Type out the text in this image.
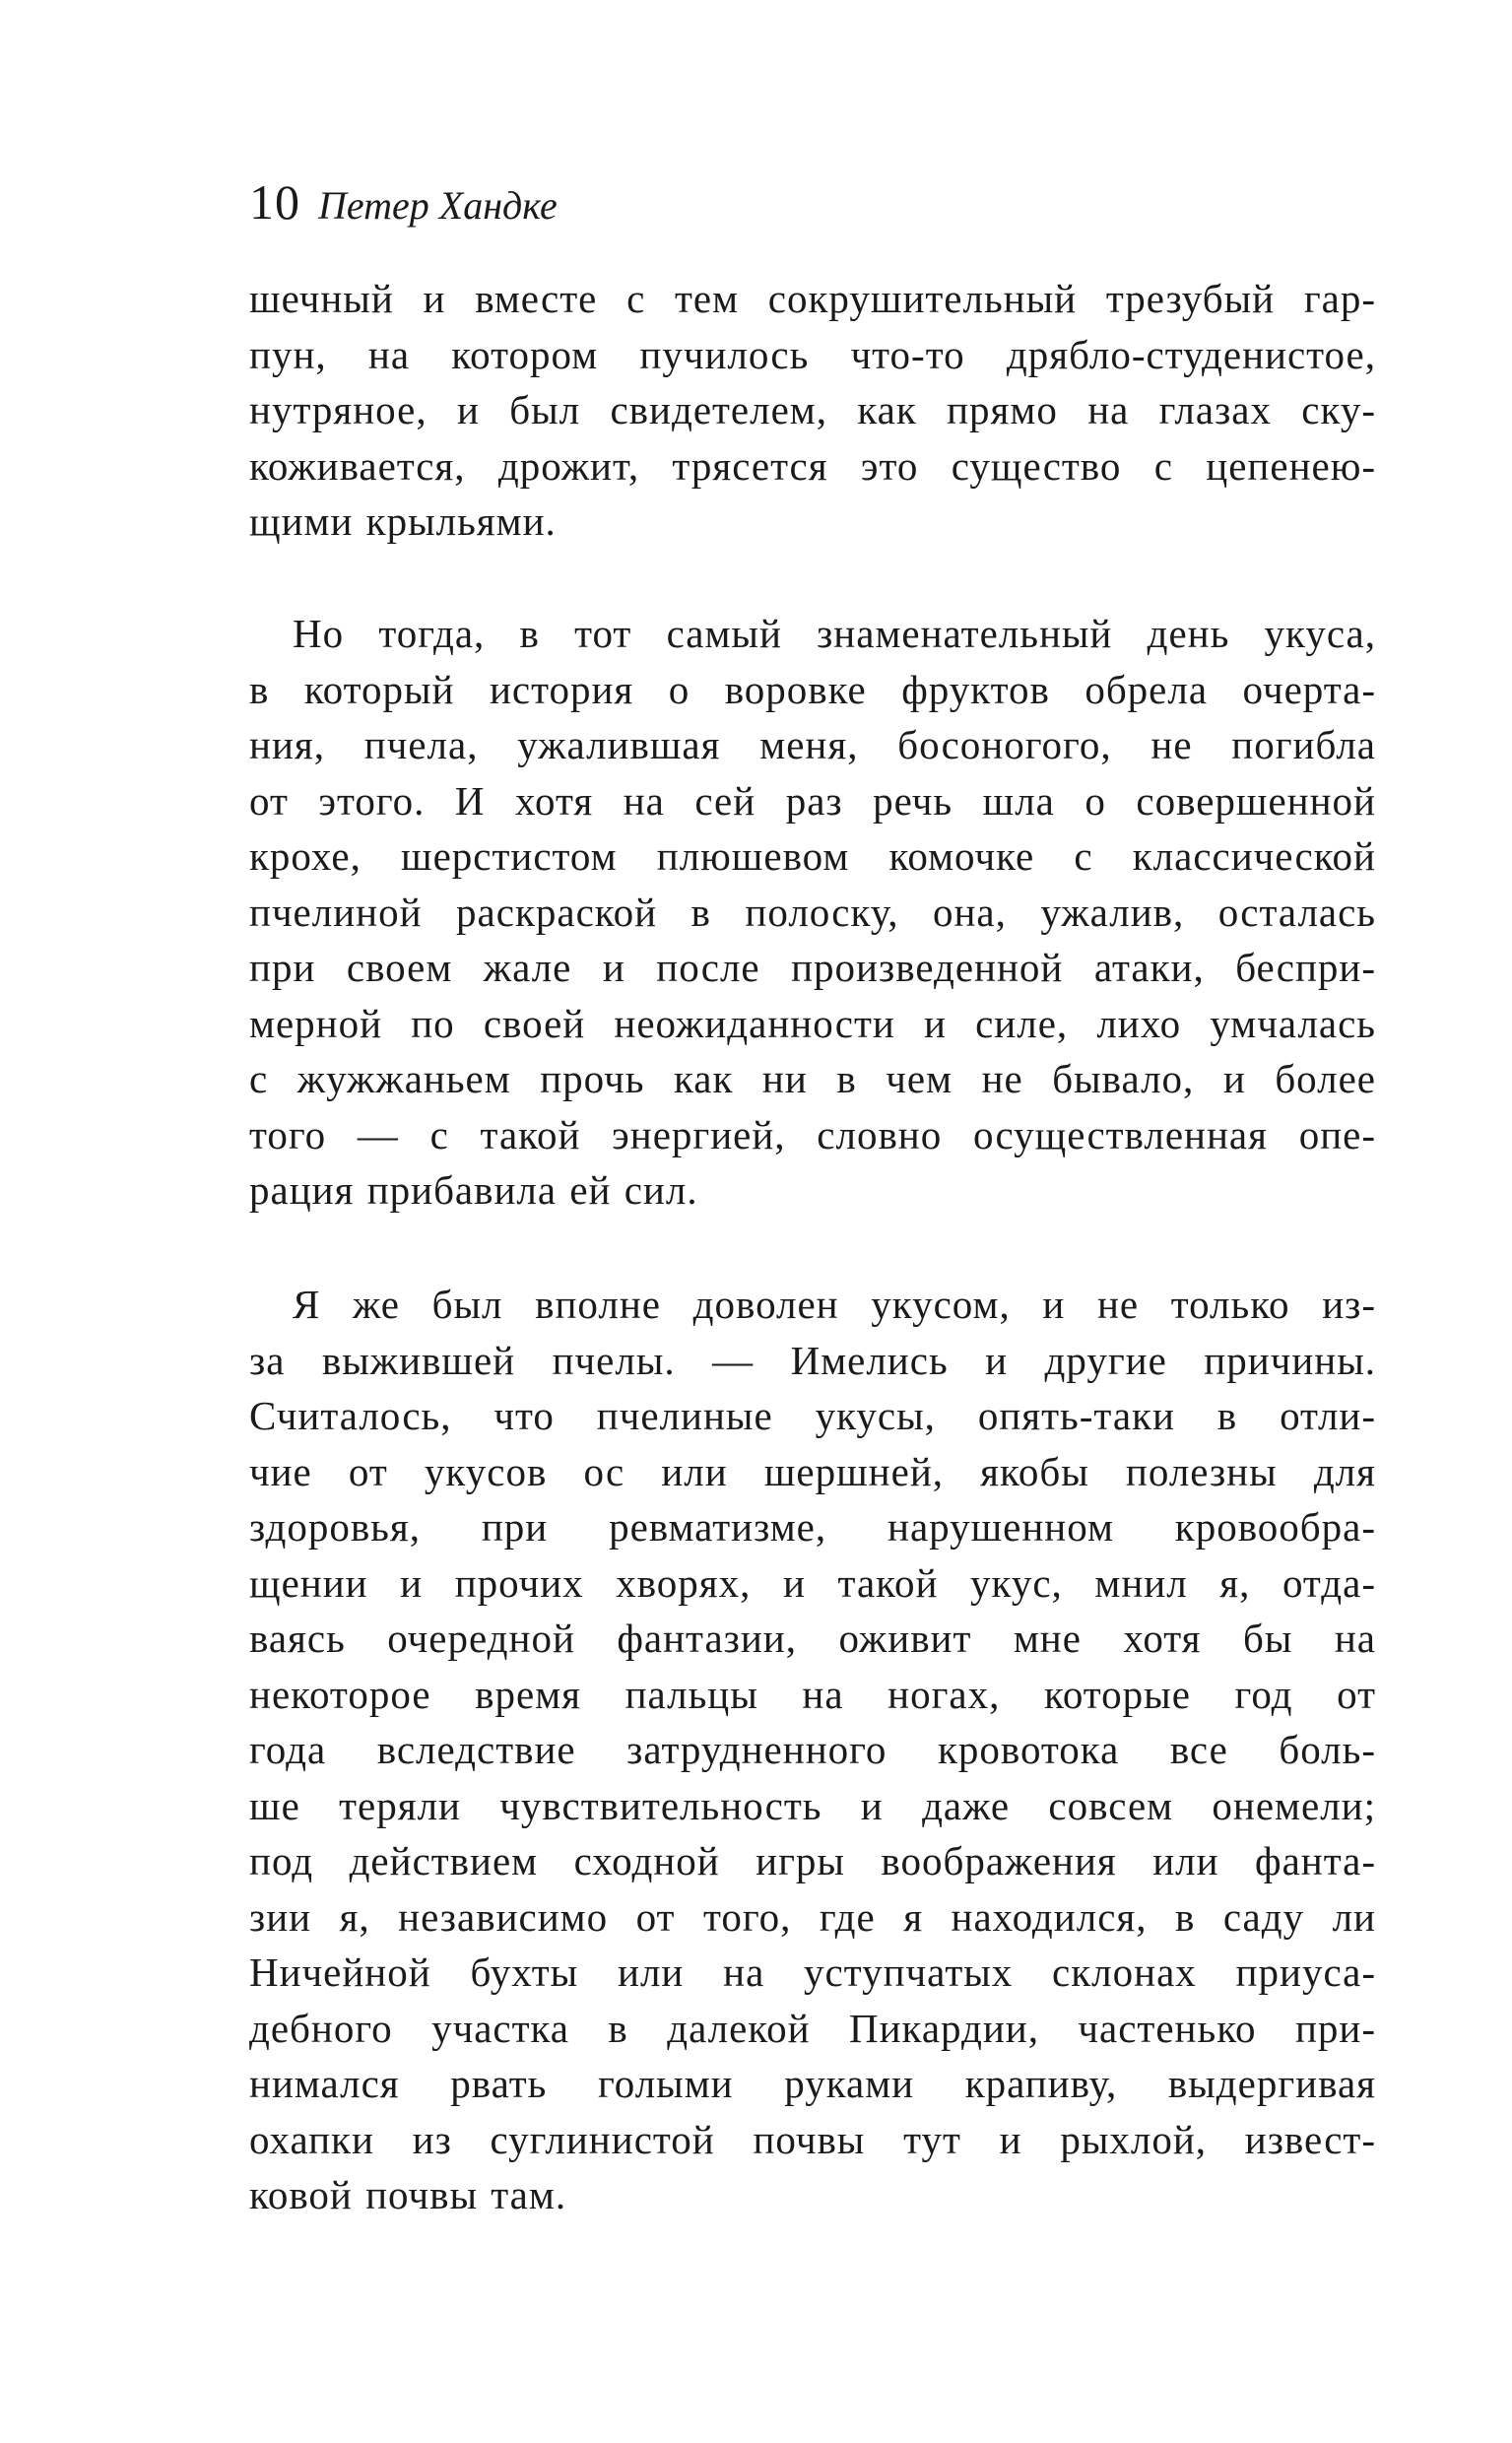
10 Петер Хандке
шечный и вместе с тем сокрушительный трезубый гар-
пун, на котором пучилось что-то дрябло-студенистое,
нутряное, и был свидетелем, как прямо на глазах ску-
коживается, дрожит, трясется это существо с цепенею-
щими крыльями.
Но тогда, в тот самый знаменательный день укуса,
в который история о воровке фруктов обрела очерта-
ния, пчела, ужалившая меня, босоногого, не погибла
от этого. И хотя на сей раз речь шла о совершенной
крохе, шерстистом плюшевом комочке с классической
пчелиной раскраской в полоску, она, ужалив, осталась
при своем жале и после произведенной атаки, беспри-
мерной по своей неожиданности и силе, лихо умчалась
с жужжаньем прочь как ни в чем не бывало, и более
того — с такой энергией, словно осуществленная опе-
рация прибавила ей сил.
Я же был вполне доволен укусом, и не только из-
за выжившей пчелы. — Имелись и другие причины.
Считалось, что пчелиные укусы, опять-таки в отли-
чие от укусов ос или шершней, якобы полезны для
здоровья, при ревматизме, нарушенном кровообра-
щении и прочих хворях, и такой укус, мнил я, отда-
ваясь очередной фантазии, оживит мне хотя бы на
некоторое время пальцы на ногах, которые год от
года вследствие затрудненного кровотока все боль-
ше теряли чувствительность и даже совсем онемели;
под действием сходной игры воображения или фанта-
зии я, независимо от того, где я находился, в саду ли
Ничейной бухты или на уступчатых склонах приуса-
дебного участка в далекой Пикардии, частенько при-
нимался рвать голыми руками крапиву, выдергивая
охапки из суглинистой почвы тут и рыхлой, извест-
ковой почвы там.
